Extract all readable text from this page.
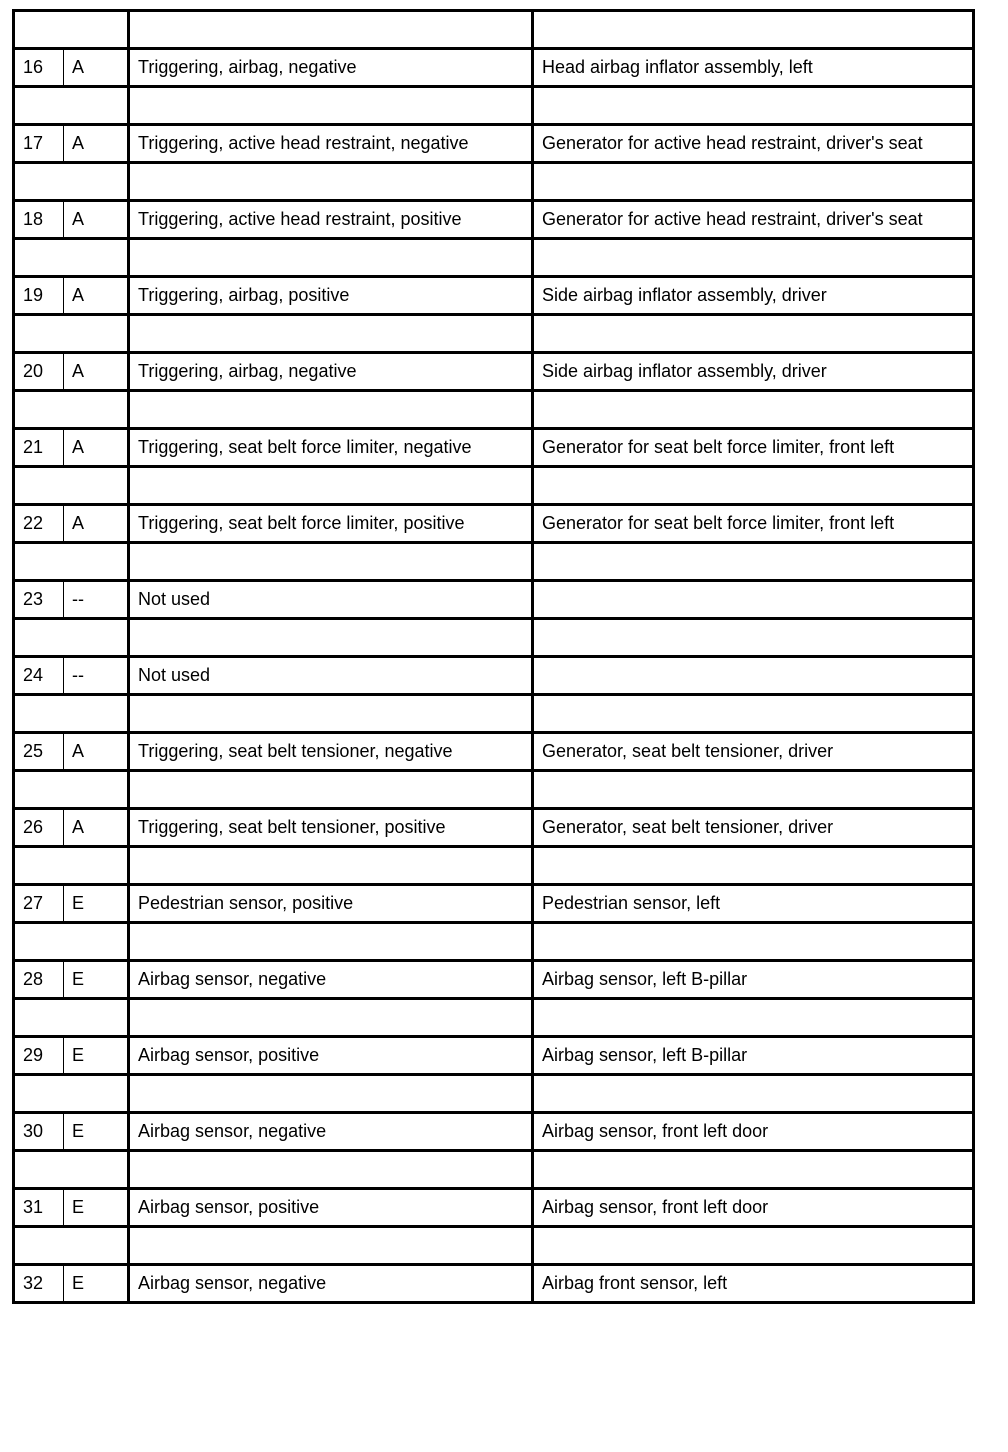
16	A	Triggering, airbag, negative	Head airbag inflator assembly, left

17	A	Triggering, active head restraint, negative	Generator for active head restraint, driver's seat

18	A	Triggering, active head restraint, positive	Generator for active head restraint, driver's seat

19	A	Triggering, airbag, positive	Side airbag inflator assembly, driver

20	A	Triggering, airbag, negative	Side airbag inflator assembly, driver

21	A	Triggering, seat belt force limiter, negative	Generator for seat belt force limiter, front left

22	A	Triggering, seat belt force limiter, positive	Generator for seat belt force limiter, front left

23	--	Not used	

24	--	Not used	

25	A	Triggering, seat belt tensioner, negative	Generator, seat belt tensioner, driver

26	A	Triggering, seat belt tensioner, positive	Generator, seat belt tensioner, driver

27	E	Pedestrian sensor, positive	Pedestrian sensor, left

28	E	Airbag sensor, negative	Airbag sensor, left B-pillar

29	E	Airbag sensor, positive	Airbag sensor, left B-pillar

30	E	Airbag sensor, negative	Airbag sensor, front left door

31	E	Airbag sensor, positive	Airbag sensor, front left door

32	E	Airbag sensor, negative	Airbag front sensor, left
